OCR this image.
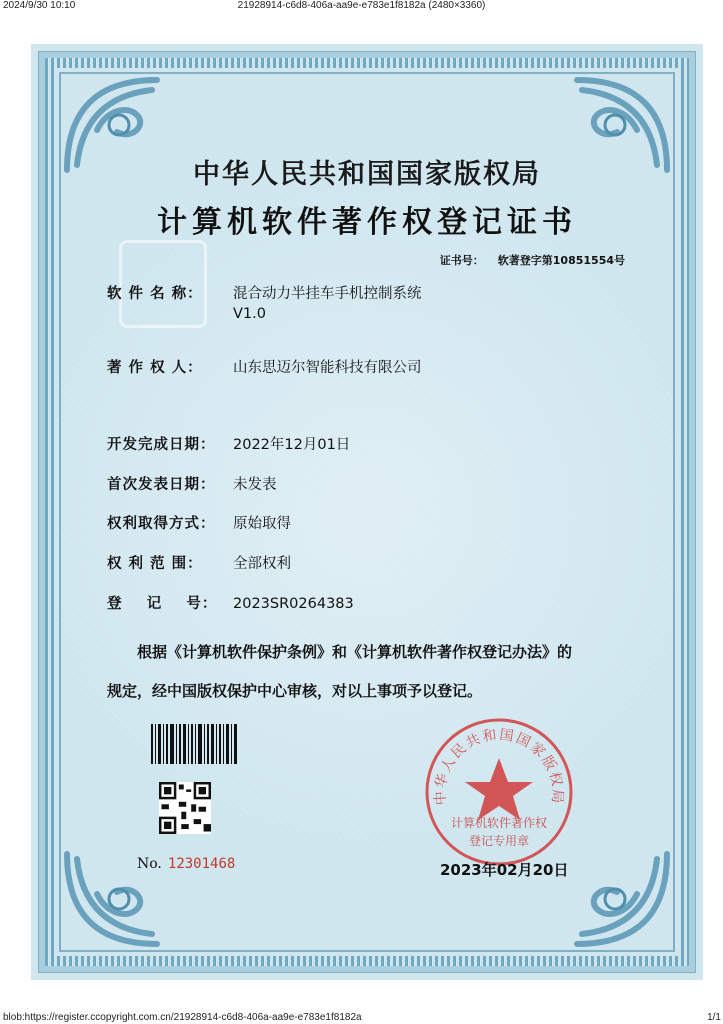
2024/9/30 10:10	21928914-c6d8-406a-aa9e-e783e1f8182a (2480×3360)
中华人民共和国国家版权局
计算机软件著作权登记证书
证书号： 软著登字第10851554号
软 件 名 称： 混合动力半挂车手机控制系统
V1.0
著 作 权 人： 山东思迈尔智能科技有限公司
开发完成日期： 2022年12月01日
首次发表日期： 未发表
权利取得方式： 原始取得
权 利 范 围： 全部权利
登    记    号： 2023SR0264383
根据《计算机软件保护条例》和《计算机软件著作权登记办法》的
规定，经中国版权保护中心审核，对以上事项予以登记。
No. 12301468
中华人民共和国国家版权局
计算机软件著作权
登记专用章
2023年02月20日
blob:https://register.ccopyright.com.cn/21928914-c6d8-406a-aa9e-e783e1f8182a	1/1
